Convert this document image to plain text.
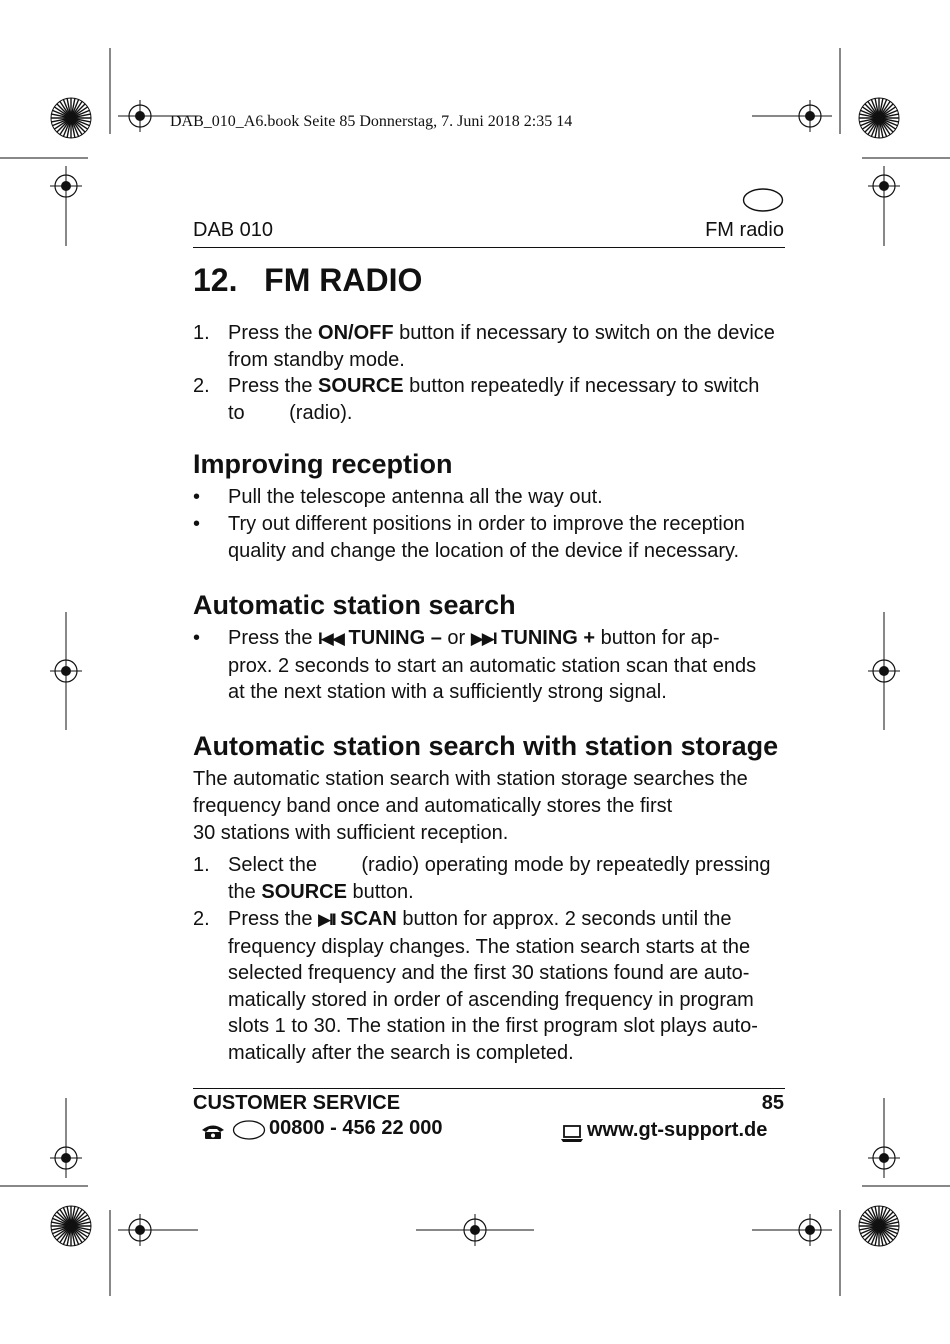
DAB_010_A6.book Seite 85 Donnerstag, 7. Juni 2018 2:35 14
DAB 010	FM radio
12.   FM RADIO
1. Press the ON/OFF button if necessary to switch on the device
from standby mode.
2. Press the SOURCE button repeatedly if necessary to switch
to        (radio).
Improving reception
• Pull the telescope antenna all the way out.
• Try out different positions in order to improve the reception
quality and change the location of the device if necessary.
Automatic station search
• Press the I◀◀ TUNING – or ▶▶I TUNING + button for ap-
prox. 2 seconds to start an automatic station scan that ends
at the next station with a sufficiently strong signal.
Automatic station search with station storage
The automatic station search with station storage searches the
frequency band once and automatically stores the first
30 stations with sufficient reception.
1. Select the        (radio) operating mode by repeatedly pressing
the SOURCE button.
2. Press the ▶II SCAN button for approx. 2 seconds until the
frequency display changes. The station search starts at the
selected frequency and the first 30 stations found are auto-
matically stored in order of ascending frequency in program
slots 1 to 30. The station in the first program slot plays auto-
matically after the search is completed.
CUSTOMER SERVICE	85
00800 - 456 22 000	www.gt-support.de
